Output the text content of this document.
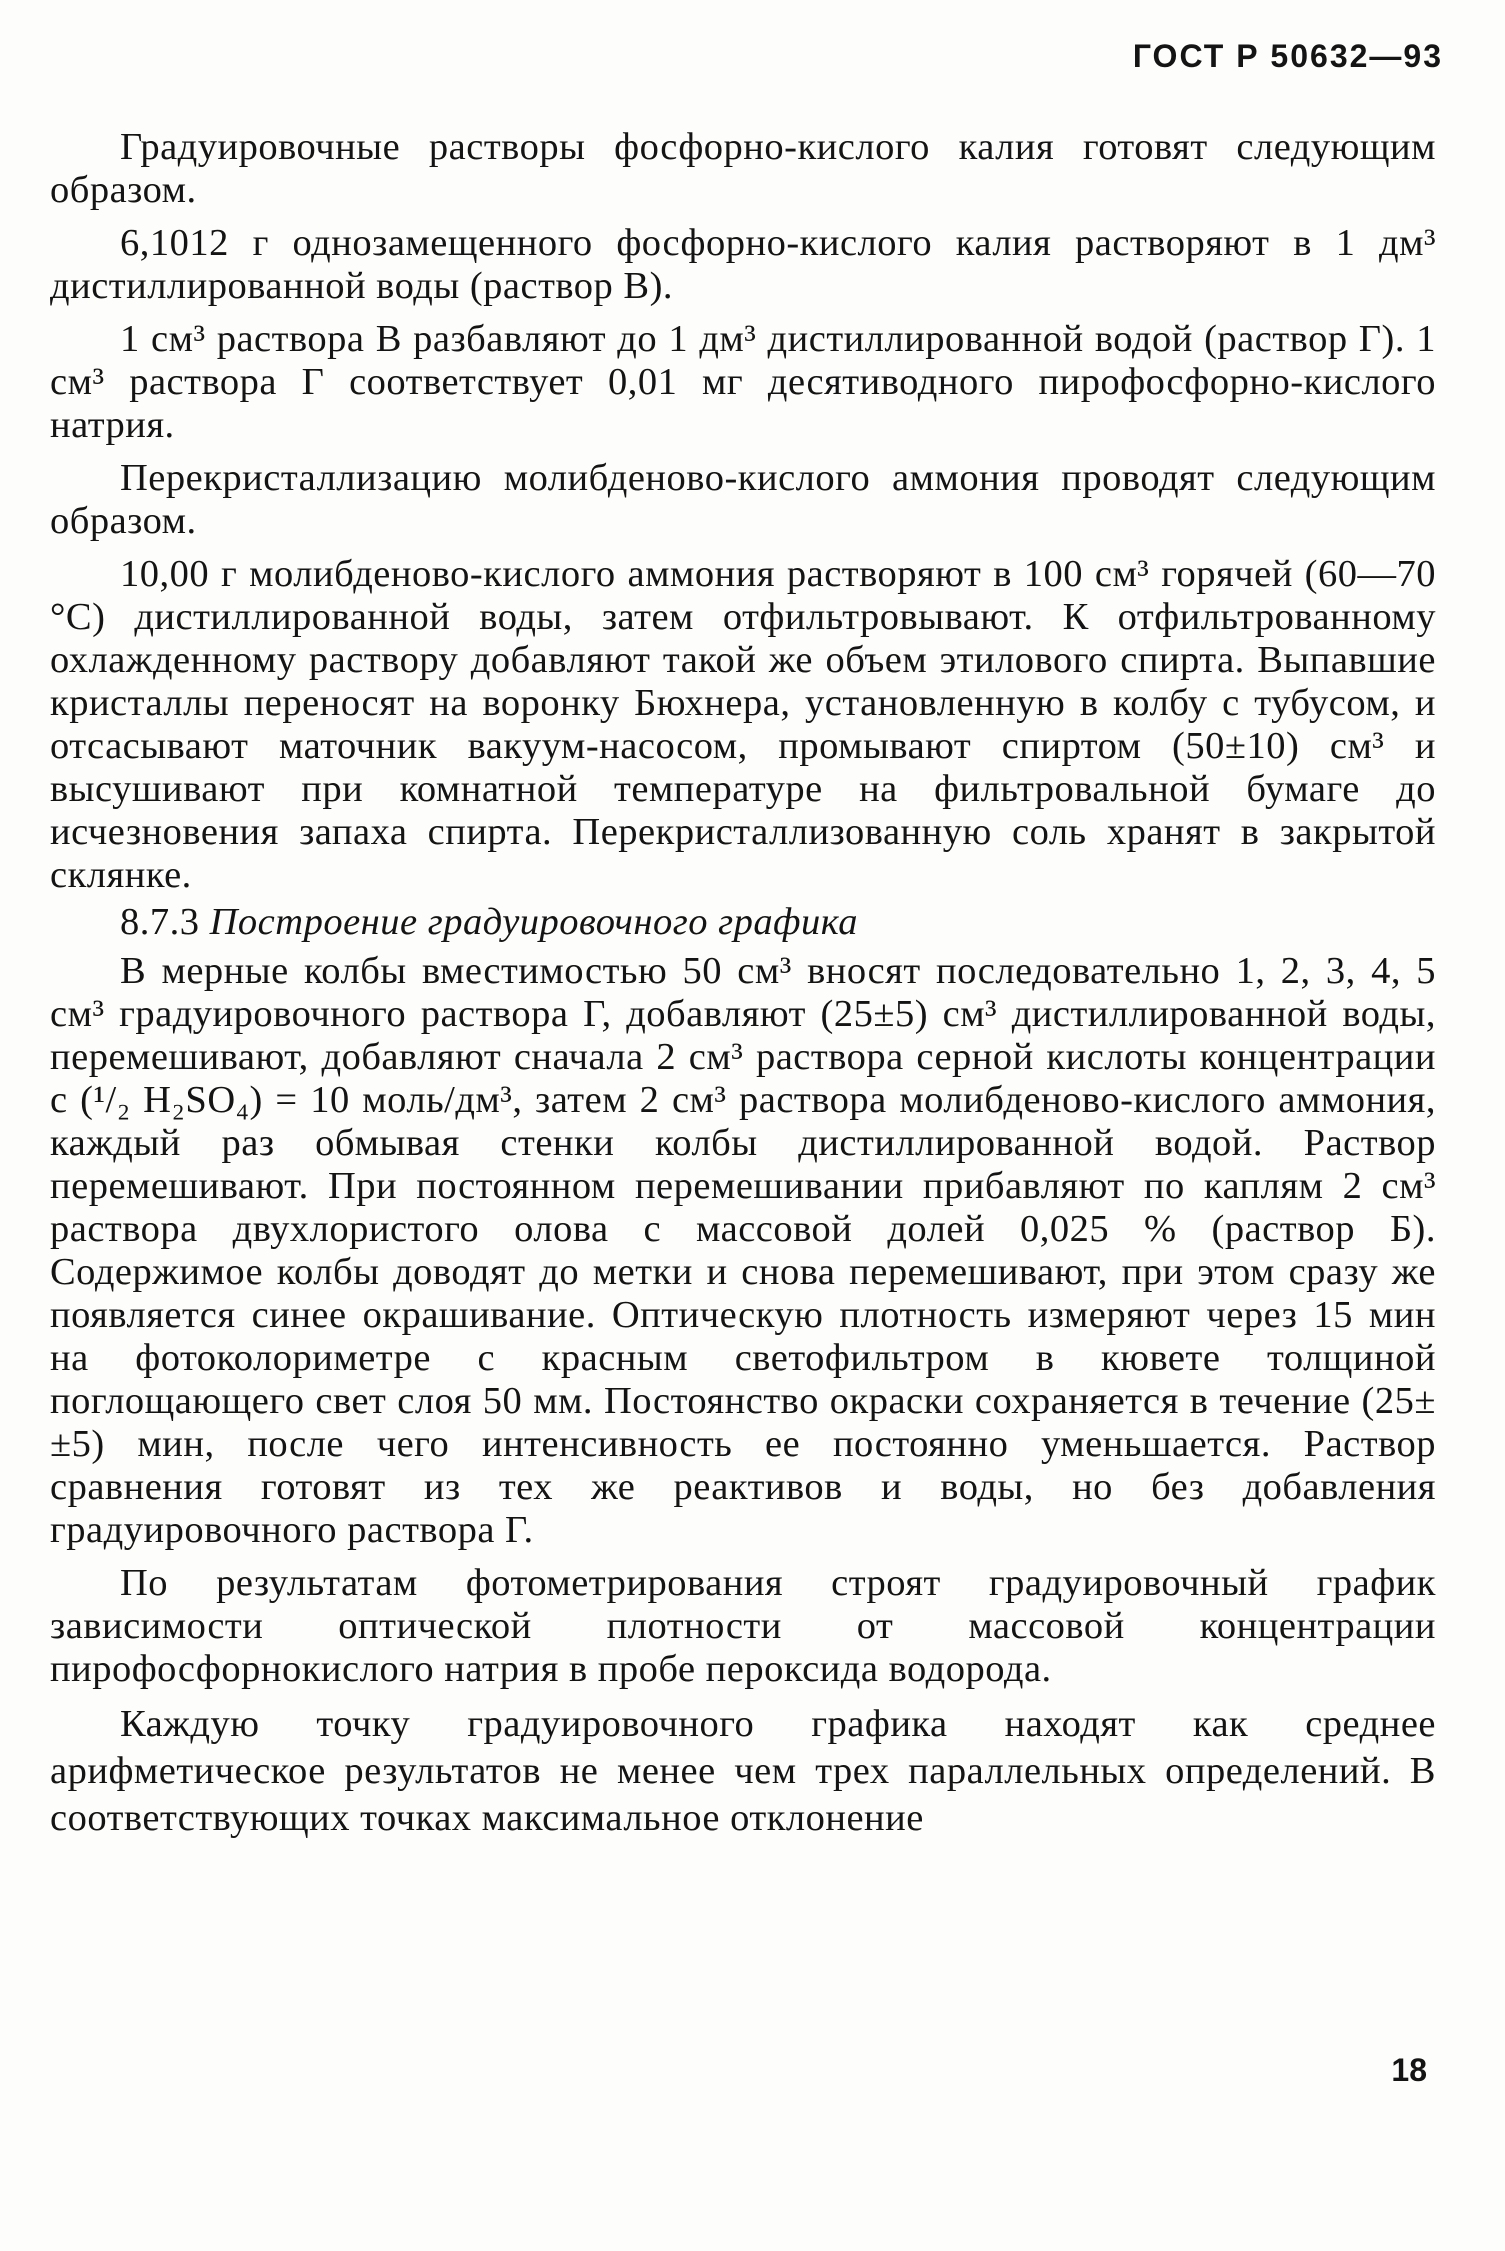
ГОСТ Р 50632—93

Градуировочные растворы фосфорно-кислого калия готовят следующим образом.

6,1012 г однозамещенного фосфорно-кислого калия растворяют в 1 дм³ дистиллированной воды (раствор В).

1 см³ раствора В разбавляют до 1 дм³ дистиллированной водой (раствор Г). 1 см³ раствора Г соответствует 0,01 мг десятиводного пирофосфорно-кислого натрия.

Перекристаллизацию молибденово-кислого аммония проводят следующим образом.

10,00 г молибденово-кислого аммония растворяют в 100 см³ горячей (60—70 °С) дистиллированной воды, затем отфильтровывают. К отфильтрованному охлажденному раствору добавляют такой же объем этилового спирта. Выпавшие кристаллы переносят на воронку Бюхнера, установленную в колбу с тубусом, и отсасывают маточник вакуум-насосом, промывают спиртом (50±10) см³ и высушивают при комнатной температуре на фильтровальной бумаге до исчезновения запаха спирта. Перекристаллизованную соль хранят в закрытой склянке.

8.7.3 Построение градуировочного графика

В мерные колбы вместимостью 50 см³ вносят последовательно 1, 2, 3, 4, 5 см³ градуировочного раствора Г, добавляют (25±5) см³ дистиллированной воды, перемешивают, добавляют сначала 2 см³ раствора серной кислоты концентрации c (¹/₂ H₂SO₄) = 10 моль/дм³, затем 2 см³ раствора молибденово-кислого аммония, каждый раз обмывая стенки колбы дистиллированной водой. Раствор перемешивают. При постоянном перемешивании прибавляют по каплям 2 см³ раствора двухлористого олова с массовой долей 0,025 % (раствор Б). Содержимое колбы доводят до метки и снова перемешивают, при этом сразу же появляется синее окрашивание. Оптическую плотность измеряют через 15 мин на фотоколориметре с красным светофильтром в кювете толщиной поглощающего свет слоя 50 мм. Постоянство окраски сохраняется в течение (25± ±5) мин, после чего интенсивность ее постоянно уменьшается. Раствор сравнения готовят из тех же реактивов и воды, но без добавления градуировочного раствора Г.

По результатам фотометрирования строят градуировочный график зависимости оптической плотности от массовой концентрации пирофосфорнокислого натрия в пробе пероксида водорода.

Каждую точку градуировочного графика находят как среднее арифметическое результатов не менее чем трех параллельных определений. В соответствующих точках максимальное отклонение

18
